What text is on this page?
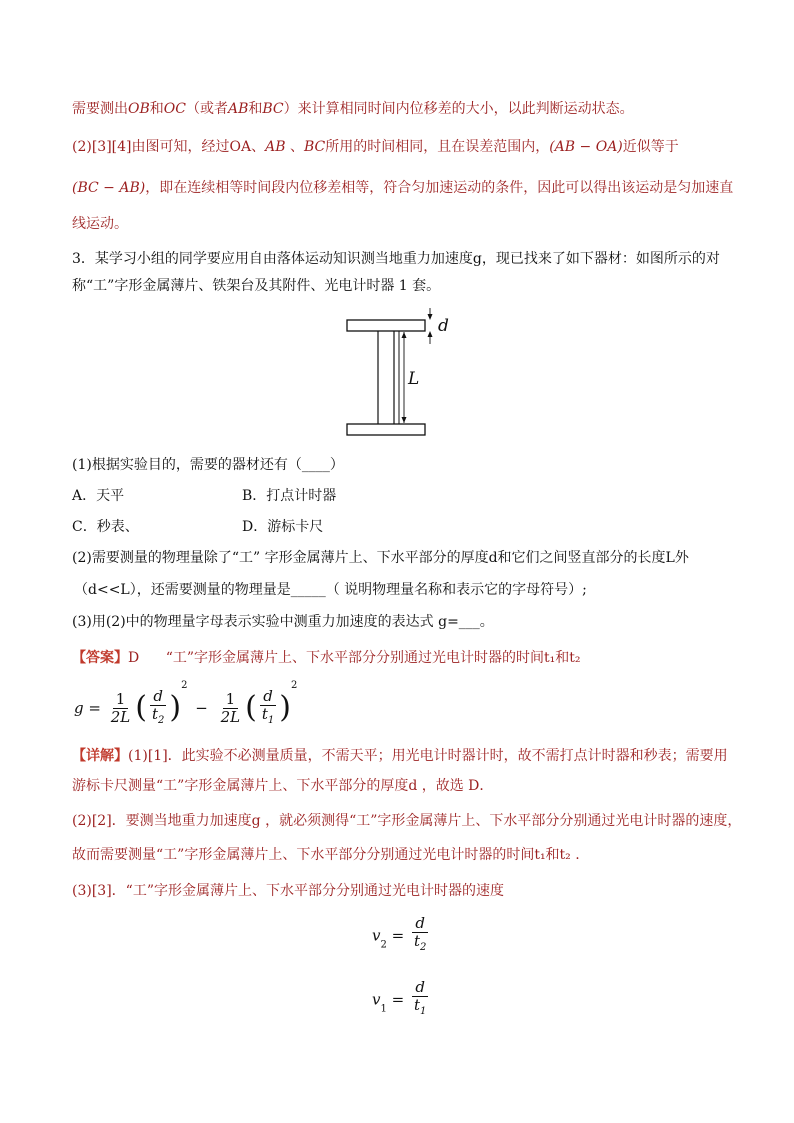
需要测出OB和OC（或者AB和BC）来计算相同时间内位移差的大小，以此判断运动状态。
(2)[3][4]由图可知，经过OA、AB 、BC所用的时间相同，且在误差范围内，(AB − OA)近似等于
(BC − AB)，即在连续相等时间段内位移差相等，符合匀加速运动的条件，因此可以得出该运动是匀加速直
线运动。
3．某学习小组的同学要应用自由落体运动知识测当地重力加速度g，现已找来了如下器材：如图所示的对
称“工”字形金属薄片、铁架台及其附件、光电计时器 1 套。
d
L
(1)根据实验目的，需要的器材还有（____）
A．天平	B．打点计时器
C．秒表、	D．游标卡尺
(2)需要测量的物理量除了“工” 字形金属薄片上、下水平部分的厚度d和它们之间竖直部分的长度L外
（d<<L），还需要测量的物理量是_____（ 说明物理量名称和表示它的字母符号）;
(3)用(2)中的物理量字母表示实验中测重力加速度的表达式 g=___。
【答案】D “工”字形金属薄片上、下水平部分分别通过光电计时器的时间t₁和t₂
$g = \frac{1}{2L}$ ( $\frac{d}{t_2} )^2 - \frac{1}{2L}$ ( $\frac{d}{t_1} )^2$
【详解】(1)[1]．此实验不必测量质量，不需天平；用光电计时器计时，故不需打点计时器和秒表；需要用
游标卡尺测量“工”字形金属薄片上、下水平部分的厚度d ，故选 D．
(2)[2]．要测当地重力加速度g ，就必须测得“工”字形金属薄片上、下水平部分分别通过光电计时器的速度，
故而需要测量“工”字形金属薄片上、下水平部分分别通过光电计时器的时间t₁和t₂ .
(3)[3]．“工”字形金属薄片上、下水平部分分别通过光电计时器的速度
$v_2 = \frac{d}{t_2}$
$v_1 = \frac{d}{t_1}$
